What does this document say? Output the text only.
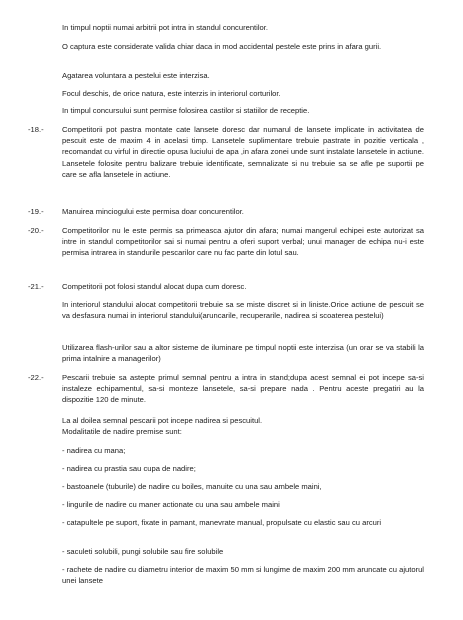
In timpul noptii numai arbitrii pot intra in standul concurentilor.
O captura este considerate valida chiar daca in mod accidental pestele este prins in afara gurii.
Agatarea voluntara a pestelui este interzisa.
Focul deschis, de orice natura, este interzis in interiorul corturilor.
In timpul concursului sunt permise folosirea castilor si statiilor de receptie.
-18.-	Competitorii pot pastra montate cate lansete doresc dar numarul de lansete implicate in activitatea de pescuit este de maxim 4 in acelasi timp. Lansetele suplimentare trebuie pastrate in pozitie verticala , recomandat cu virful in directie opusa luciului de apa ,in afara zonei unde sunt instalate lansetele in actiune. Lansetele folosite pentru balizare trebuie identificate, semnalizate si nu trebuie sa se afle pe suportii pe care se afla lansetele in actiune.
-19.-	Manuirea minciogului este permisa doar concurentilor.
-20.-	Competitorilor nu le este permis sa primeasca ajutor din afara; numai mangerul echipei este autorizat sa intre in standul competitorilor sai si numai pentru a oferi suport verbal; unui manager de echipa nu-i este permisa intrarea in standurile pescarilor care nu fac parte din lotul sau.
-21.-	Competitorii pot folosi standul alocat dupa cum doresc.
In interiorul standului alocat competitorii trebuie sa se miste discret si in liniste.Orice actiune de pescuit se va desfasura numai in interiorul standului(aruncarile, recuperarile, nadirea si scoaterea pestelui)
Utilizarea flash-urilor sau a altor sisteme de iluminare pe timpul noptii este interzisa (un orar se va stabili la prima intalnire a managerilor)
-22.-	Pescarii trebuie sa astepte primul semnal pentru a intra in stand;dupa acest semnal ei pot incepe sa-si instaleze echipamentul, sa-si monteze lansetele, sa-si prepare nada . Pentru aceste pregatiri au la dispozitie 120 de minute.
La al doilea semnal pescarii pot incepe nadirea si pescuitul.
Modalitatile de nadire premise sunt:
- nadirea cu mana;
- nadirea cu prastia sau cupa de nadire;
- bastoanele (tuburile) de nadire cu boiles, manuite cu una sau ambele maini,
- lingurile de nadire cu maner actionate cu una sau ambele maini
- catapultele pe suport, fixate in pamant, manevrate manual, propulsate cu elastic sau cu arcuri
- saculeti solubili, pungi solubile sau fire solubile
- rachete de nadire cu diametru interior de maxim 50 mm si lungime de maxim 200 mm aruncate cu ajutorul unei lansete
